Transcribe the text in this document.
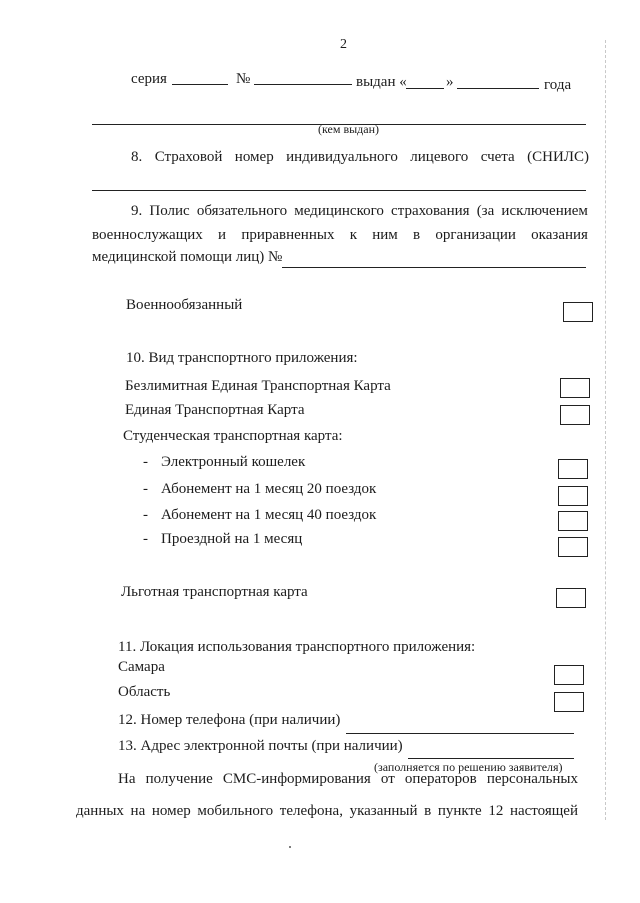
2
серия	№	выдан «	»	года
(кем выдан)
8. Страховой номер индивидуального лицевого счета (СНИЛС)
9. Полис обязательного медицинского страхования (за исключением
военнослужащих и приравненных к ним в организации оказания
медицинской помощи лиц) №
Военнообязанный
10. Вид транспортного приложения:
Безлимитная Единая Транспортная Карта
Единая Транспортная Карта
Студенческая транспортная карта:
- Электронный кошелек
- Абонемент на 1 месяц 20 поездок
- Абонемент на 1 месяц 40 поездок
- Проездной на 1 месяц
Льготная транспортная карта
11. Локация использования транспортного приложения:
Самара
Область
12. Номер телефона (при наличии)
13. Адрес электронной почты (при наличии)
(заполняется по решению заявителя)
На получение СМС-информирования от операторов персональных
данных на номер мобильного телефона, указанный в пункте 12 настоящей
